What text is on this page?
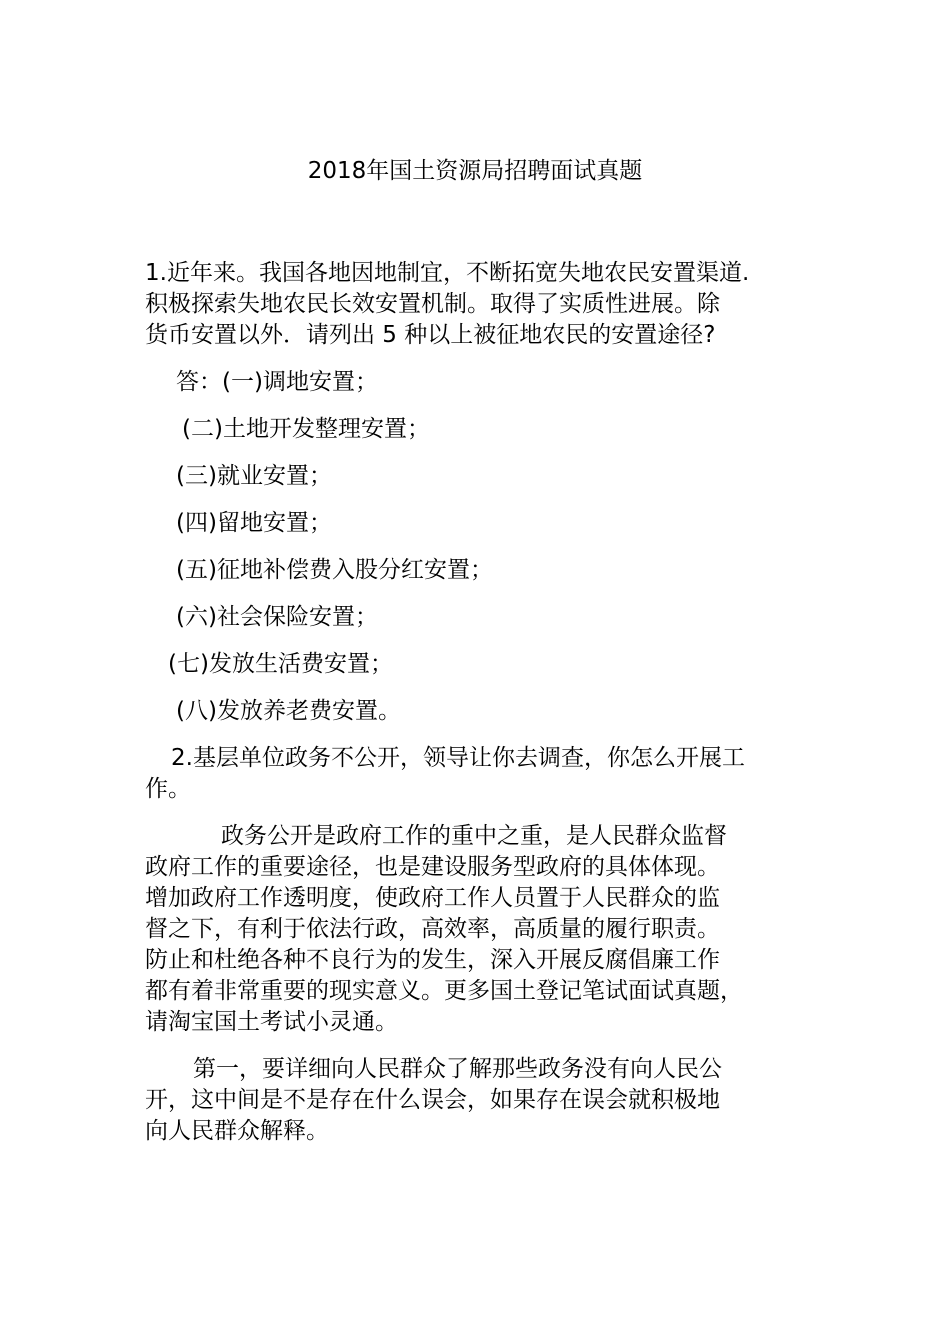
2018年国土资源局招聘面试真题
1.近年来。我国各地因地制宜，不断拓宽失地农民安置渠道.
积极探索失地农民长效安置机制。取得了实质性进展。除
货币安置以外．请列出 5 种以上被征地农民的安置途径?
答：(一)调地安置；
(二)土地开发整理安置；
(三)就业安置；
(四)留地安置；
(五)征地补偿费入股分红安置；
(六)社会保险安置；
(七)发放生活费安置；
(八)发放养老费安置。
2.基层单位政务不公开，领导让你去调查，你怎么开展工
作。
政务公开是政府工作的重中之重，是人民群众监督
政府工作的重要途径，也是建设服务型政府的具体体现。
增加政府工作透明度，使政府工作人员置于人民群众的监
督之下，有利于依法行政，高效率，高质量的履行职责。
防止和杜绝各种不良行为的发生，深入开展反腐倡廉工作
都有着非常重要的现实意义。更多国土登记笔试面试真题，
请淘宝国土考试小灵通。
第一，要详细向人民群众了解那些政务没有向人民公
开，这中间是不是存在什么误会，如果存在误会就积极地
向人民群众解释。
